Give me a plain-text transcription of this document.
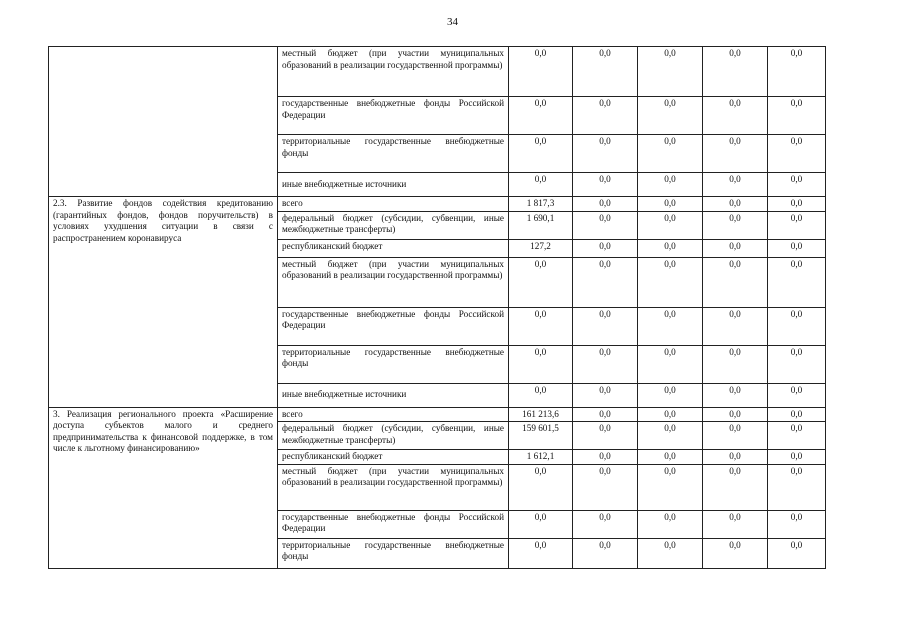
34
	местный бюджет (при участии муниципальных образований в реализации государственной программы)	0,0	0,0	0,0	0,0	0,0
	государственные внебюджетные фонды Российской Федерации	0,0	0,0	0,0	0,0	0,0
	территориальные государственные внебюджетные фонды	0,0	0,0	0,0	0,0	0,0
	иные внебюджетные источники	0,0	0,0	0,0	0,0	0,0
2.3. Развитие фондов содействия кредитованию (гарантийных фондов, фондов поручительств) в условиях ухудшения ситуации в связи с распространением коронавируса	всего	1 817,3	0,0	0,0	0,0	0,0
	федеральный бюджет (субсидии, субвенции, иные межбюджетные трансферты)	1 690,1	0,0	0,0	0,0	0,0
	республиканский бюджет	127,2	0,0	0,0	0,0	0,0
	местный бюджет (при участии муниципальных образований в реализации государственной программы)	0,0	0,0	0,0	0,0	0,0
	государственные внебюджетные фонды Российской Федерации	0,0	0,0	0,0	0,0	0,0
	территориальные государственные внебюджетные фонды	0,0	0,0	0,0	0,0	0,0
	иные внебюджетные источники	0,0	0,0	0,0	0,0	0,0
3. Реализация регионального проекта «Расширение доступа субъектов малого и среднего предпринимательства к финансовой поддержке, в том числе к льготному финансированию»	всего	161 213,6	0,0	0,0	0,0	0,0
	федеральный бюджет (субсидии, субвенции, иные межбюджетные трансферты)	159 601,5	0,0	0,0	0,0	0,0
	республиканский бюджет	1 612,1	0,0	0,0	0,0	0,0
	местный бюджет (при участии муниципальных образований в реализации государственной программы)	0,0	0,0	0,0	0,0	0,0
	государственные внебюджетные фонды Российской Федерации	0,0	0,0	0,0	0,0	0,0
	территориальные государственные внебюджетные фонды	0,0	0,0	0,0	0,0	0,0
